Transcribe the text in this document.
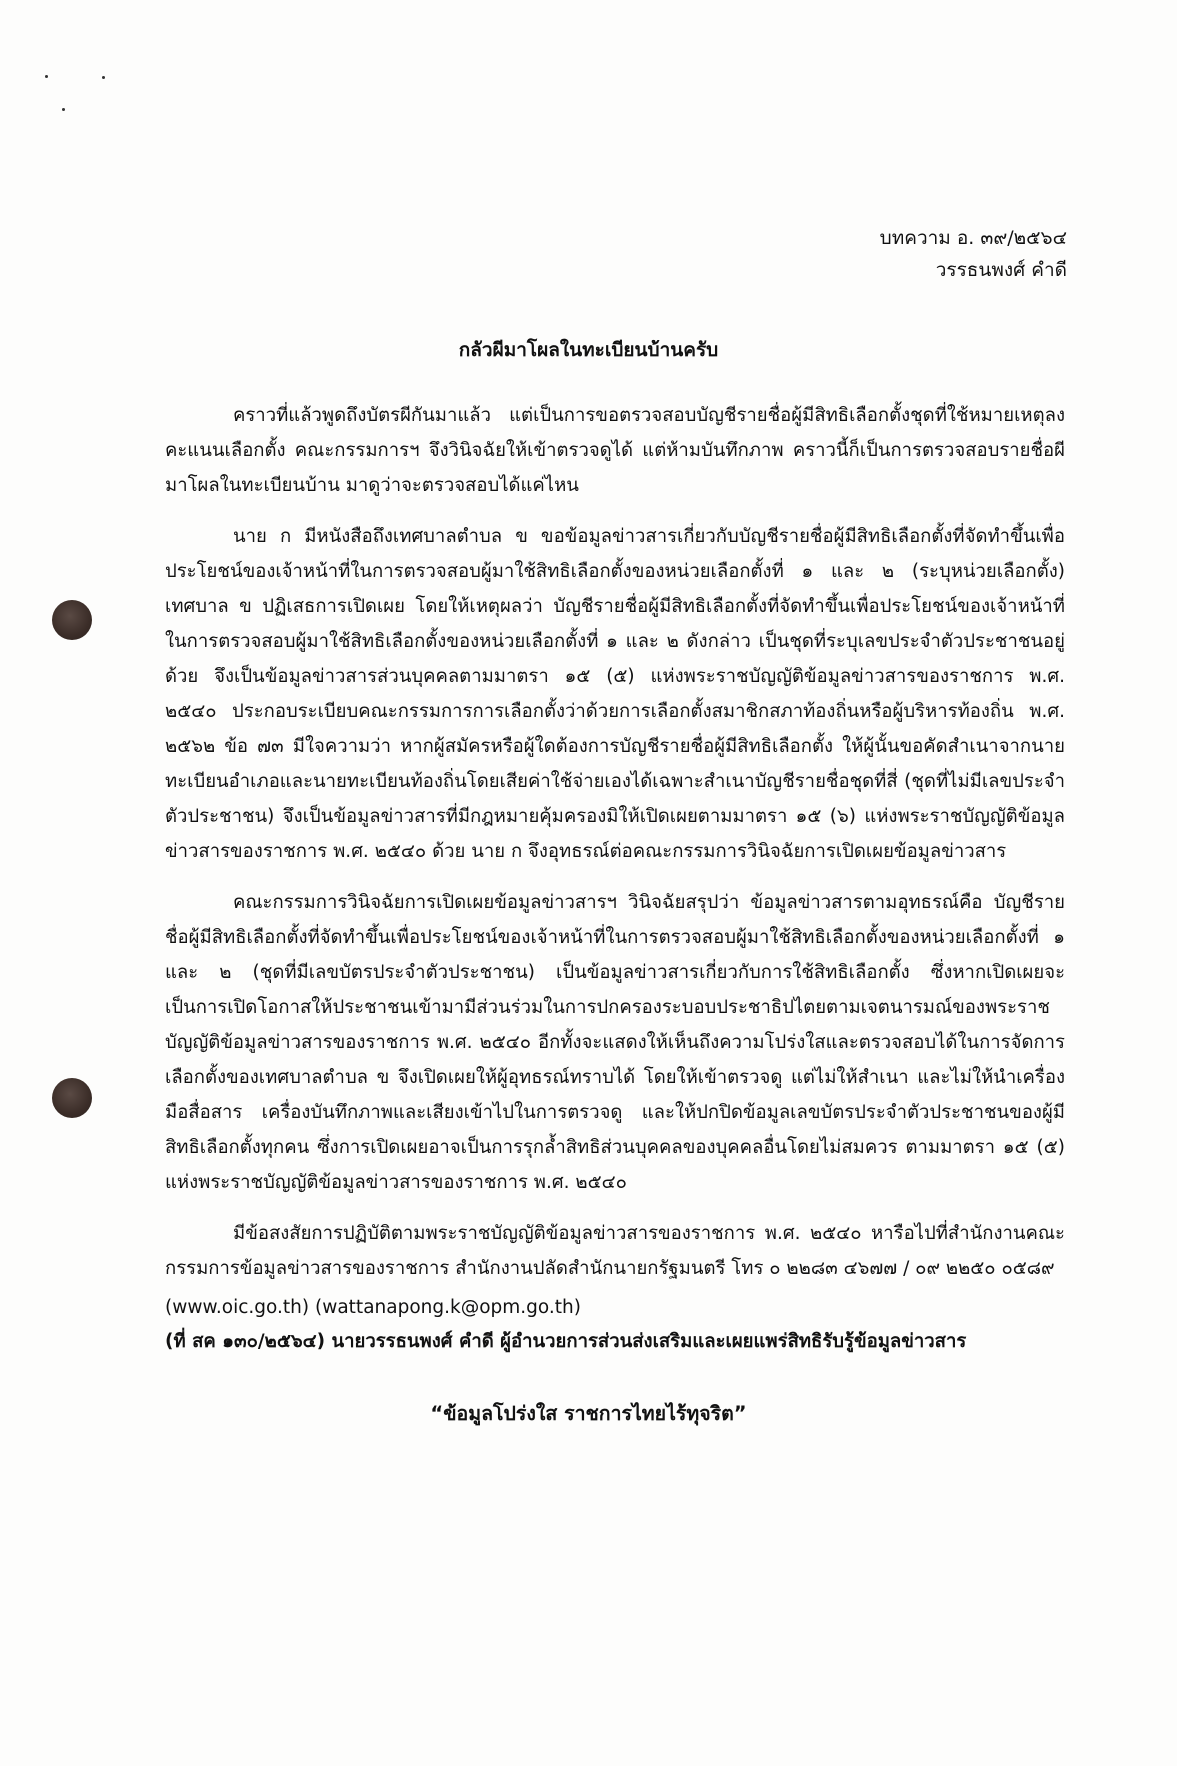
บทความ อ. ๓๙/๒๕๖๔
วรรธนพงศ์ คำดี
กลัวผีมาโผลในทะเบียนบ้านครับ

คราวที่แล้วพูดถึงบัตรผีกันมาแล้ว แต่เป็นการขอตรวจสอบบัญชีรายชื่อผู้มีสิทธิเลือกตั้งชุดที่ใช้หมายเหตุลงคะแนนเลือกตั้ง คณะกรรมการฯ จึงวินิจฉัยให้เข้าตรวจดูได้ แต่ห้ามบันทึกภาพ คราวนี้ก็เป็นการตรวจสอบรายชื่อผีมาโผลในทะเบียนบ้าน มาดูว่าจะตรวจสอบได้แค่ไหน

นาย ก มีหนังสือถึงเทศบาลตำบล ข ขอข้อมูลข่าวสารเกี่ยวกับบัญชีรายชื่อผู้มีสิทธิเลือกตั้งที่จัดทำขึ้นเพื่อประโยชน์ของเจ้าหน้าที่ในการตรวจสอบผู้มาใช้สิทธิเลือกตั้งของหน่วยเลือกตั้งที่ ๑ และ ๒ (ระบุหน่วยเลือกตั้ง) เทศบาล ข ปฏิเสธการเปิดเผย โดยให้เหตุผลว่า บัญชีรายชื่อผู้มีสิทธิเลือกตั้งที่จัดทำขึ้นเพื่อประโยชน์ของเจ้าหน้าที่ในการตรวจสอบผู้มาใช้สิทธิเลือกตั้งของหน่วยเลือกตั้งที่ ๑ และ ๒ ดังกล่าว เป็นชุดที่ระบุเลขประจำตัวประชาชนอยู่ด้วย จึงเป็นข้อมูลข่าวสารส่วนบุคคลตามมาตรา ๑๕ (๕) แห่งพระราชบัญญัติข้อมูลข่าวสารของราชการ พ.ศ. ๒๕๔๐ ประกอบระเบียบคณะกรรมการการเลือกตั้งว่าด้วยการเลือกตั้งสมาชิกสภาท้องถิ่นหรือผู้บริหารท้องถิ่น พ.ศ. ๒๕๖๒ ข้อ ๗๓ มีใจความว่า หากผู้สมัครหรือผู้ใดต้องการบัญชีรายชื่อผู้มีสิทธิเลือกตั้ง ให้ผู้นั้นขอคัดสำเนาจากนายทะเบียนอำเภอและนายทะเบียนท้องถิ่นโดยเสียค่าใช้จ่ายเองได้เฉพาะสำเนาบัญชีรายชื่อชุดที่สี่ (ชุดที่ไม่มีเลขประจำตัวประชาชน) จึงเป็นข้อมูลข่าวสารที่มีกฎหมายคุ้มครองมิให้เปิดเผยตามมาตรา ๑๕ (๖) แห่งพระราชบัญญัติข้อมูลข่าวสารของราชการ พ.ศ. ๒๕๔๐ ด้วย นาย ก จึงอุทธรณ์ต่อคณะกรรมการวินิจฉัยการเปิดเผยข้อมูลข่าวสาร

คณะกรรมการวินิจฉัยการเปิดเผยข้อมูลข่าวสารฯ วินิจฉัยสรุปว่า ข้อมูลข่าวสารตามอุทธรณ์คือ บัญชีรายชื่อผู้มีสิทธิเลือกตั้งที่จัดทำขึ้นเพื่อประโยชน์ของเจ้าหน้าที่ในการตรวจสอบผู้มาใช้สิทธิเลือกตั้งของหน่วยเลือกตั้งที่ ๑ และ ๒ (ชุดที่มีเลขบัตรประจำตัวประชาชน) เป็นข้อมูลข่าวสารเกี่ยวกับการใช้สิทธิเลือกตั้ง ซึ่งหากเปิดเผยจะเป็นการเปิดโอกาสให้ประชาชนเข้ามามีส่วนร่วมในการปกครองระบอบประชาธิปไตยตามเจตนารมณ์ของพระราชบัญญัติข้อมูลข่าวสารของราชการ พ.ศ. ๒๕๔๐ อีกทั้งจะแสดงให้เห็นถึงความโปร่งใสและตรวจสอบได้ในการจัดการเลือกตั้งของเทศบาลตำบล ข จึงเปิดเผยให้ผู้อุทธรณ์ทราบได้ โดยให้เข้าตรวจดู แต่ไม่ให้สำเนา และไม่ให้นำเครื่องมือสื่อสาร เครื่องบันทึกภาพและเสียงเข้าไปในการตรวจดู และให้ปกปิดข้อมูลเลขบัตรประจำตัวประชาชนของผู้มีสิทธิเลือกตั้งทุกคน ซึ่งการเปิดเผยอาจเป็นการรุกล้ำสิทธิส่วนบุคคลของบุคคลอื่นโดยไม่สมควร ตามมาตรา ๑๕ (๕) แห่งพระราชบัญญัติข้อมูลข่าวสารของราชการ พ.ศ. ๒๕๔๐

มีข้อสงสัยการปฏิบัติตามพระราชบัญญัติข้อมูลข่าวสารของราชการ พ.ศ. ๒๕๔๐ หารือไปที่สำนักงานคณะกรรมการข้อมูลข่าวสารของราชการ สำนักงานปลัดสำนักนายกรัฐมนตรี โทร ๐ ๒๒๘๓ ๔๖๗๗ / ๐๙ ๒๒๕๐ ๐๕๘๙

(www.oic.go.th) (wattanapong.k@opm.go.th)
(ที่ สค ๑๓๐/๒๕๖๔) นายวรรธนพงศ์ คำดี ผู้อำนวยการส่วนส่งเสริมและเผยแพร่สิทธิรับรู้ข้อมูลข่าวสาร
“ข้อมูลโปร่งใส ราชการไทยไร้ทุจริต”
